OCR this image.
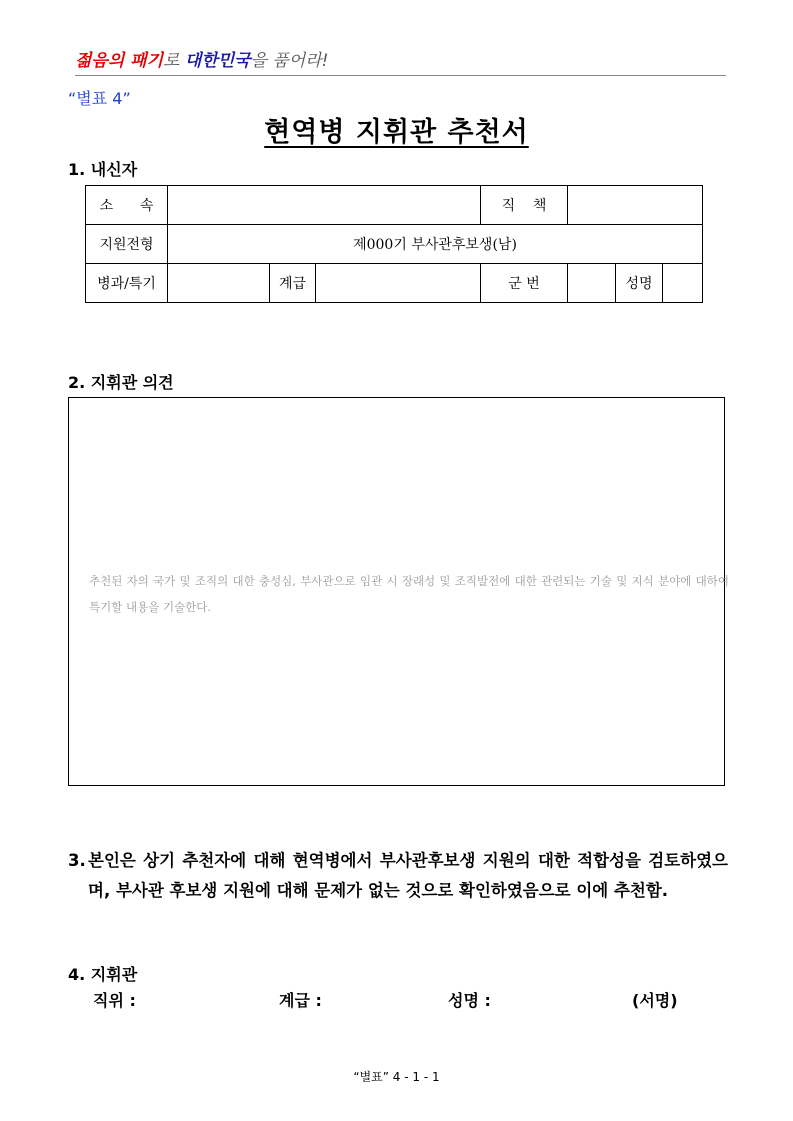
젊음의 패기로 대한민국을 품어라!
“별표 4”
현역병 지휘관 추천서
1. 내신자
소      속				직    책		
지원전형	제000기 부사관후보생(남)					
병과/특기		계급		군 번		성명
2. 지휘관 의견
추천된 자의 국가 및 조직의 대한 충성심, 부사관으로 임관 시 장래성 및 조직발전에 대한 관련되는 기술 및 지식 분야에 대하여 특기할 내용을 기술한다.
3. 본인은 상기 추천자에 대해 현역병에서 부사관후보생 지원의 대한 적합성을 검토하였으며, 부사관 후보생 지원에 대해 문제가 없는 것으로 확인하였음으로 이에 추천함.
4. 지휘관
직위 :	계급 :	성명 :	(서명)
“별표” 4 - 1 - 1
